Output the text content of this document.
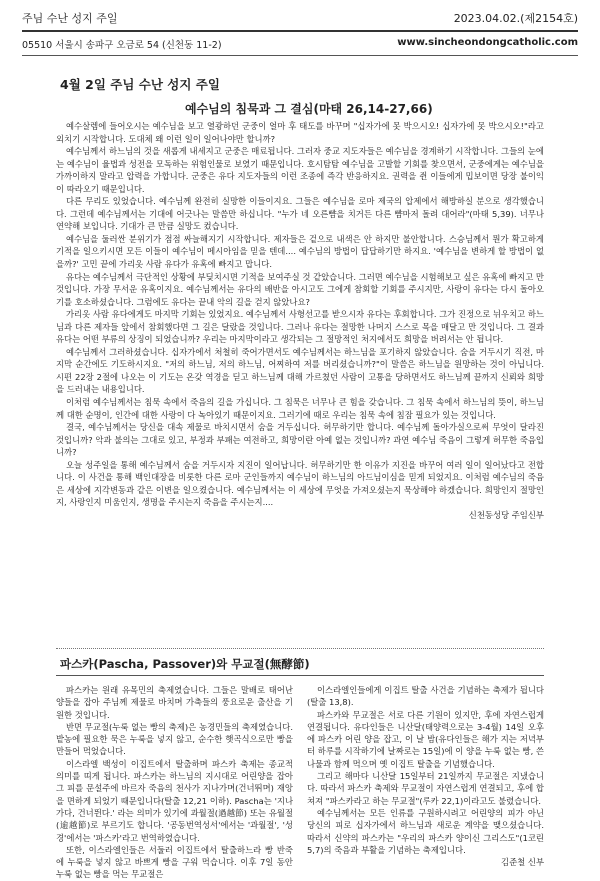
주님 수난 성지 주일	2023.04.02.(제2154호)
05510 서울시 송파구 오금로 54 (신천동 11-2)	www.sincheondongcatholic.com
4월 2일 주님 수난 성지 주일
예수님의 침묵과 그 결심(마태 26,14-27,66)

예수살렘에 들어오시는 예수님을 보고 열광하던 군중이 얼마 후 태도를 바꾸며 "십자가에 못 박으시오! 십자가에 못 박으시오!"라고 외치기 시작합니다. 도대체 왜 이런 일이 일어나야만 할니까?

예수님께서 하느님의 것을 새롭게 내세지고 군중은 매료됩니다. 그러자 중교 지도자들은 예수님을 경계하기 시작합니다. 그들의 눈에는 예수님이 율법과 성전을 모독하는 위험인물로 보였기 때문입니다. 호시탐탐 예수님을 고발할 기회를 찾으면서, 군중에게는 예수님을 가까이하지 말라고 압력을 가합니다. 군중은 유다 지도자들의 이런 조종에 즉각 반응하지요. 권력을 쥔 이들에게 밉보이면 당장 불이익이 따라오기 때문입니다.

다른 무리도 있었습니다. 예수님께 완전히 실망한 이들이지요. 그들은 예수님을 로마 제국의 압제에서 해방하실 분으로 생각했습니다. 그런데 예수님께서는 기대에 어긋나는 말씀만 하십니다. "누가 네 오른뺨을 치거든 다른 뺨마저 돌려 대어라"(마태 5,39). 너무나 연약해 보입니다. 기대가 큰 만큼 실망도 컸습니다.

예수님을 둘러싼 분위기가 점점 싸늘해지기 시작합니다. 제자들은 겉으로 내색은 안 하지만 불안합니다. 스승님께서 뭔가 확고하게 기적을 일으키시면 모든 이들이 예수님이 메시아임을 믿을 텐데.... 예수님의 방법이 답답하기만 하지요. '예수님을 변하게 할 방법이 없을까?' 고민 끝에 가리옷 사람 유다가 유혹에 빠지고 맙니다.

유다는 예수님께서 극단적인 상황에 부딪치시면 기적을 보여주실 것 같았습니다. 그러면 예수님을 시험해보고 싶은 유혹에 빠지고 만 것입니다. 가장 무서운 유혹이지요. 예수님께서는 유다의 배반을 아시고도 그에게 참회할 기회를 주시지만, 사랑이 유다는 다시 돌아오기를 호소하셨습니다. 그럼에도 유다는 끝내 악의 길을 걷지 않았나요?

가리옷 사람 유다에게도 마지막 기회는 있었지요. 예수님께서 사형선고를 받으시자 유다는 후회합니다. 그가 진정으로 뉘우치고 하느님과 다른 제자들 앞에서 참회했다면 그 길은 달랐을 것입니다. 그러나 유다는 절망한 나머지 스스로 목을 매달고 만 것입니다. 그 결과 유다는 어떤 부류의 상징이 되었습니까? 우리는 마지막이라고 생각되는 그 절망적인 처지에서도 희망을 버려서는 안 됩니다.

예수님께서 그러하셨습니다. 십자가에서 처철히 죽어가면서도 예수님께서는 하느님을 포기하지 않았습니다. 숨을 거두시기 직전, 마지막 순간에도 기도하시지요. "저의 하느님, 저의 하느님, 어찌하여 저를 버리셨습니까?"이 말씀은 하느님을 원망하는 것이 아닙니다. 시편 22장 2절에 나오는 이 기도는 온갖 역경을 딛고 하느님께 대해 가르쳤던 사람이 고통을 당하면서도 하느님께 끝까지 신뢰와 희망을 드러내는 내용입니다.

이처럼 예수님께서는 침묵 속에서 죽음의 길을 가십니다. 그 침묵은 너무나 큰 힘을 갖습니다. 그 침묵 속에서 하느님의 뜻이, 하느님께 대한 순명이, 인간에 대한 사랑이 다 녹아있기 때문이지요. 그러기에 때로 우리는 침묵 속에 침잠 필요가 있는 것입니다.

결국, 예수님께서는 당신을 대속 제물로 바치시면서 숨을 거두십니다. 허무하기만 합니다. 예수님께 돌아가실으로써 무엇이 달라진 것입니까? 악과 불의는 그대로 있고, 부정과 부패는 여전하고, 희망이란 아예 없는 것입니까? 과연 예수님 죽음이 그렇게 허무한 죽음입니까?

오늘 성주일을 통해 예수님께서 숨을 거두시자 지진이 일어납니다. 허무하기만 한 이유가 지진을 바꾸어 여러 일이 일어났다고 전합니다. 이 사건을 통해 백인대장을 비롯한 다른 로마 군인들까지 예수님이 하느님의 아드님이심을 믿게 되었지요. 이처럼 예수님의 죽음은 세상에 지각변동과 같은 이변을 일으켰습니다. 예수님께서는 이 세상에 무엇을 가져오셨는지 묵상해야 하겠습니다. 희망인지 절망인지, 사랑인지 미움인지, 생명을 주시는지 죽음을 주시는지....

신천동성당 주임신부
파스카(Pascha, Passover)와 무교절(無酵節)

파스카는 원래 유목민의 축제였습니다. 그들은 말배로 태어난 양들을 잡아 주님께 제물로 바치며 가축들의 풍요로운 출산을 기원한 것입니다.

반면 무교절(누룩 없는 빵의 축제)은 농경민들의 축제였습니다. 밭농에 필요한 묵은 누룩을 넣지 않고, 순수한 햇곡식으로만 빵을 만들어 먹었습니다.

이스라엘 백성이 이집트에서 탈출하며 파스카 축제는 종교적 의미를 띠게 됩니다. 파스카는 하느님의 지시대로 어린양을 잡아 그 피를 문설주에 바르자 죽음의 천사가 지나가며(건너뛰며) 재앙을 면하게 되었기 때문입니다(탈출 12,21 이하). Pascha는 '지나가다, 건너뛴다.' 라는 의미가 있기에 과월절(過越節) 또는 유월절(逾越節)로 부르기도 합니다. '공동번역성서'에서는 '과월절', '성경'에서는 '파스카'라고 번역하였습니다.

또한, 이스라엘인들은 서둘러 이집트에서 탈출하느라 빵 반죽에 누룩을 넣지 않고 바쁘게 빵을 구워 먹습니다. 이후 7일 동안 누룩 없는 빵을 먹는 무교절은

이스라엘인들에게 이집트 탈출 사건을 기념하는 축제가 됩니다(탈출 13,8).

파스카와 무교절은 서로 다른 기원이 있지만, 후에 자연스럽게 연결됩니다. 유다인들은 니산달(태양력으로는 3-4월) 14일 오후에 파스카 어린 양을 잡고, 이 날 밤(유다인들은 해가 지는 저녁부터 하루를 시작하기에 날짜로는 15일)에 이 양을 누룩 없는 빵, 쓴 나물과 함께 먹으며 옛 이집트 탈출을 기념했습니다.

그리고 해마다 니산달 15일부터 21일까지 무교절은 지냈습니다. 따라서 파스카 축제와 무교절이 자연스럽게 연결되고, 후에 합쳐져 "파스카라고 하는 무교절"(루카 22,1)이라고도 불렸습니다.

예수님께서는 모든 인류를 구원하시려고 어린양의 피가 아닌 당신의 피로 십자가에서 하느님과 새로운 계약을 맺으셨습니다. 따라서 신약의 파스카는 "우리의 파스카 양이신 그리스도"(1코린 5,7)의 죽음과 부활을 기념하는 축제입니다.

김준철 신부
